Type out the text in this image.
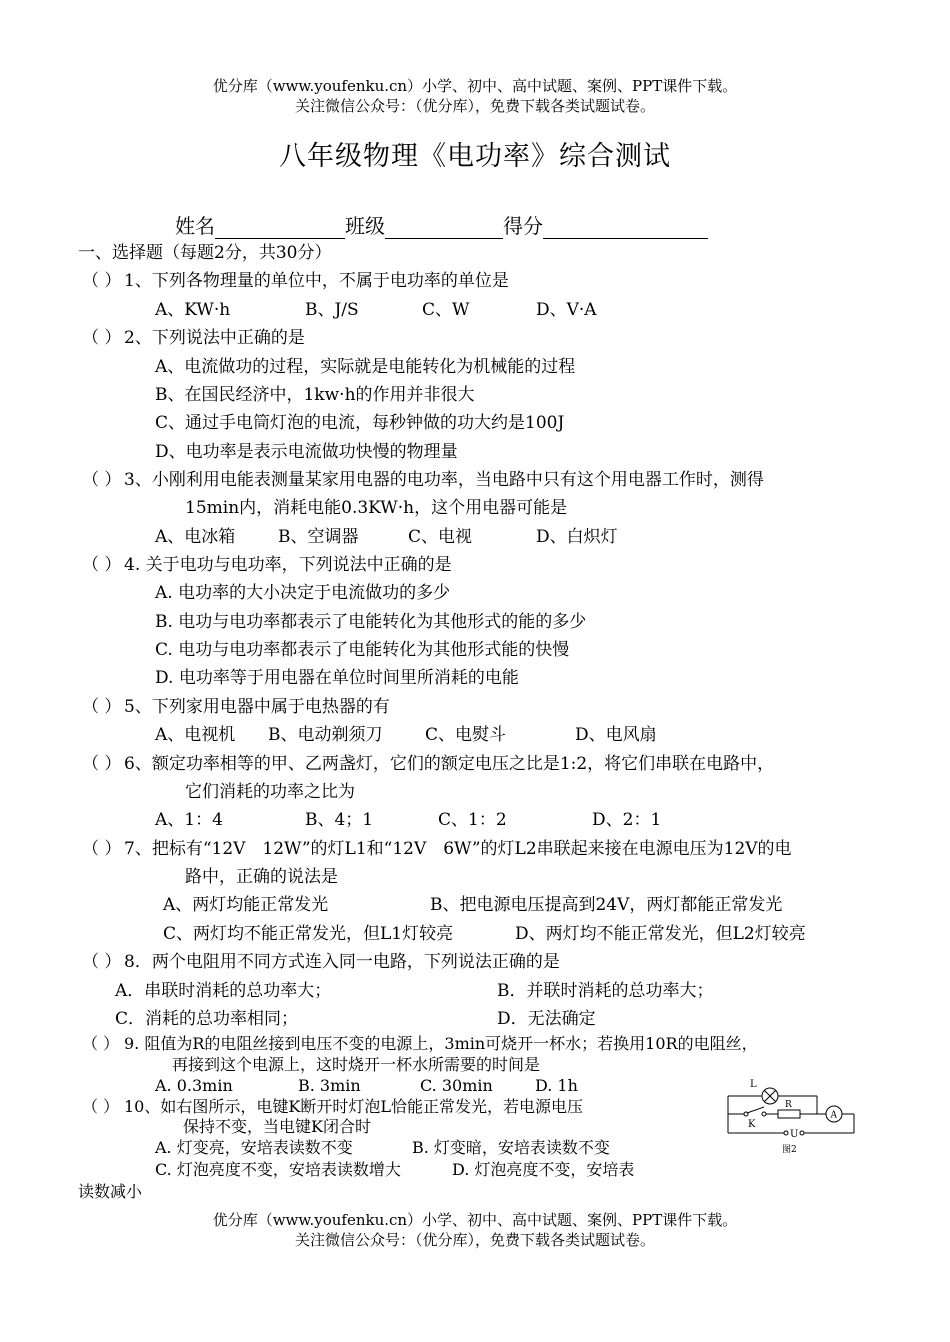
优分库（www.youfenku.cn）小学、初中、高中试题、案例、PPT课件下载。
关注微信公众号：（优分库），免费下载各类试题试卷。
八年级物理《电功率》综合测试
姓名	班级	得分
一、选择题（每题2分，共30分）
（ ） 1、下列各物理量的单位中，不属于电功率的单位是
A、KW·h	B、J/S	C、W	D、V·A
（ ） 2、下列说法中正确的是
A、电流做功的过程，实际就是电能转化为机械能的过程
B、在国民经济中，1kw·h的作用并非很大
C、通过手电筒灯泡的电流，每秒钟做的功大约是100J
D、电功率是表示电流做功快慢的物理量
（ ） 3、小刚利用电能表测量某家用电器的电功率，当电路中只有这个用电器工作时，测得
15min内，消耗电能0.3KW·h，这个用电器可能是
A、电冰箱	B、空调器	C、电视	D、白炽灯
（ ） 4. 关于电功与电功率，下列说法中正确的是
A. 电功率的大小决定于电流做功的多少
B. 电功与电功率都表示了电能转化为其他形式的能的多少
C. 电功与电功率都表示了电能转化为其他形式能的快慢
D. 电功率等于用电器在单位时间里所消耗的电能
（ ） 5、下列家用电器中属于电热器的有
A、电视机 B、电动剃须刀	C、电熨斗	D、电风扇
（ ） 6、额定功率相等的甲、乙两盏灯，它们的额定电压之比是1:2，将它们串联在电路中，
它们消耗的功率之比为
A、1：4	B、4；1	C、1：2	D、2：1
（ ） 7、把标有“12V　12W”的灯L1和“12V　6W”的灯L2串联起来接在电源电压为12V的电
路中，正确的说法是
A、两灯均能正常发光	B、把电源电压提高到24V，两灯都能正常发光
C、两灯均不能正常发光，但L1灯较亮	D、两灯均不能正常发光，但L2灯较亮
（ ） 8．两个电阻用不同方式连入同一电路，下列说法正确的是
A．串联时消耗的总功率大；	B．并联时消耗的总功率大；
C．消耗的总功率相同；	D．无法确定
（ ） 9. 阻值为R的电阻丝接到电压不变的电源上，3min可烧开一杯水；若换用10R的电阻丝，
再接到这个电源上，这时烧开一杯水所需要的时间是
A. 0.3min	B. 3min	C. 30min	D. 1h
（ ） 10、如右图所示，电键K断开时灯泡L恰能正常发光，若电源电压
保持不变，当电键K闭合时
A. 灯变亮，安培表读数不变	B. 灯变暗，安培表读数不变
C. 灯泡亮度不变，安培表读数增大	D. 灯泡亮度不变，安培表
读数减小
L
K
R
A
U
图2
优分库（www.youfenku.cn）小学、初中、高中试题、案例、PPT课件下载。
关注微信公众号：（优分库），免费下载各类试题试卷。
